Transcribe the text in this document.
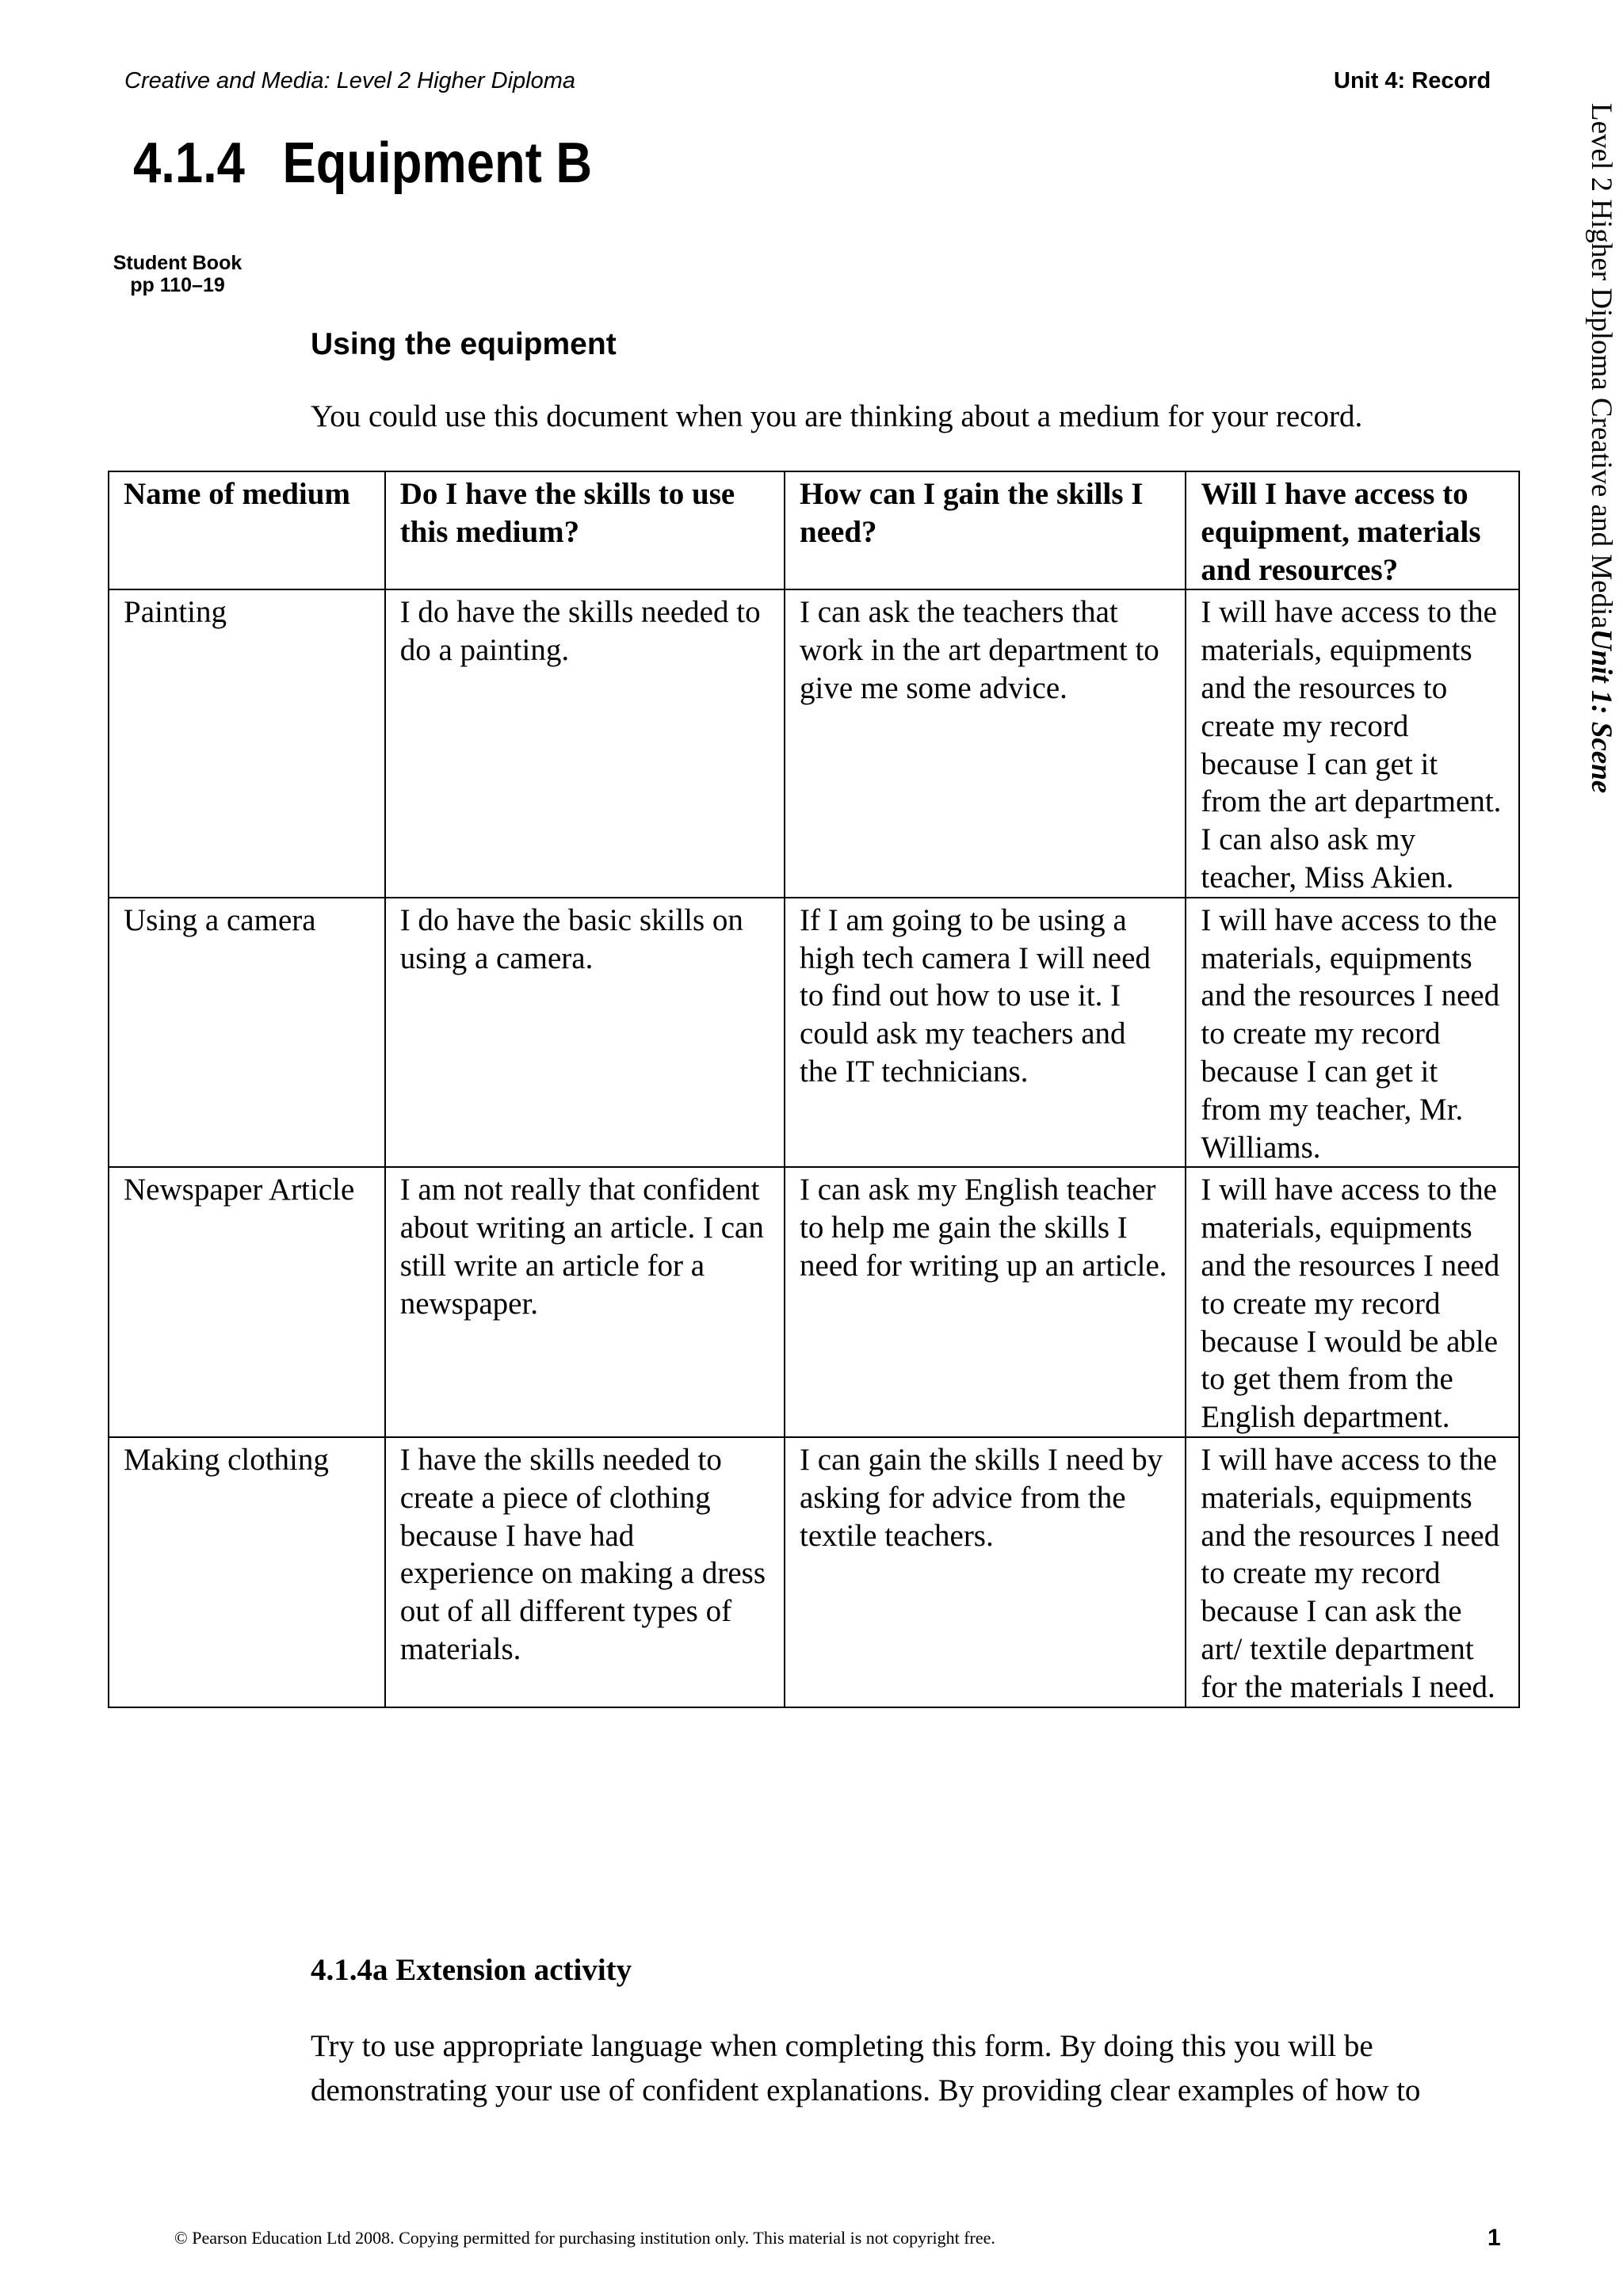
Creative and Media: Level 2 Higher Diploma	Unit 4: Record
Level 2 Higher Diploma Creative and MediaUnit 1: Scene
4.1.4 Equipment B
Student Book
pp 110–19
Using the equipment
You could use this document when you are thinking about a medium for your record.
Name of medium	Do I have the skills to use this medium?	How can I gain the skills I need?	Will I have access to equipment, materials and resources?
Painting	I do have the skills needed to do a painting.	I can ask the teachers that work in the art department to give me some advice.	I will have access to the materials, equipments and the resources to create my record because I can get it from the art department. I can also ask my teacher, Miss Akien.
Using a camera	I do have the basic skills on using a camera.	If I am going to be using a high tech camera I will need to find out how to use it. I could ask my teachers and the IT technicians.	I will have access to the materials, equipments and the resources I need to create my record because I can get it from my teacher, Mr. Williams.
Newspaper Article	I am not really that confident about writing an article. I can still write an article for a newspaper.	I can ask my English teacher to help me gain the skills I need for writing up an article.	I will have access to the materials, equipments and the resources I need to create my record because I would be able to get them from the English department.
Making clothing	I have the skills needed to create a piece of clothing because I have had experience on making a dress out of all different types of materials.	I can gain the skills I need by asking for advice from the textile teachers.	I will have access to the materials, equipments and the resources I need to create my record because I can ask the art/ textile department for the materials I need.
4.1.4a Extension activity
Try to use appropriate language when completing this form. By doing this you will be demonstrating your use of confident explanations. By providing clear examples of how to
© Pearson Education Ltd 2008. Copying permitted for purchasing institution only. This material is not copyright free.	1
